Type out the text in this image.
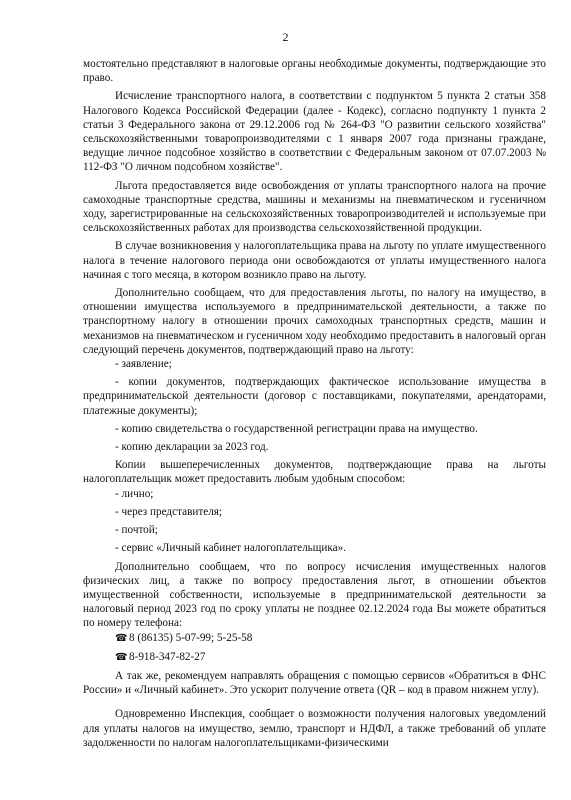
2

мостоятельно представляют в налоговые органы необходимые документы, подтверждающие это право.

Исчисление транспортного налога, в соответствии с подпунктом 5 пункта 2 статьи 358 Налогового Кодекса Российской Федерации (далее - Кодекс), согласно подпункту 1 пункта 2 статьи 3 Федерального закона от 29.12.2006 год № 264-ФЗ "О развитии сельского хозяйства" сельскохозяйственными товаропроизводителями с 1 января 2007 года признаны граждане, ведущие личное подсобное хозяйство в соответствии с Федеральным законом от 07.07.2003 № 112-ФЗ "О личном подсобном хозяйстве".

Льгота предоставляется виде освобождения от уплаты транспортного налога на прочие самоходные транспортные средства, машины и механизмы на пневматическом и гусеничном ходу, зарегистрированные на сельскохозяйственных товаропроизводителей и используемые при сельскохозяйственных работах для производства сельскохозяйственной продукции.

В случае возникновения у налогоплательщика права на льготу по уплате имущественного налога в течение налогового периода они освобождаются от уплаты имущественного налога начиная с того месяца, в котором возникло право на льготу.

Дополнительно сообщаем, что для предоставления льготы, по налогу на имущество, в отношении имущества используемого в предпринимательской деятельности, а также по транспортному налогу в отношении прочих самоходных транспортных средств, машин и механизмов на пневматическом и гусеничном ходу необходимо предоставить в налоговый орган следующий перечень документов, подтверждающий право на льготу:

- заявление;

- копии документов, подтверждающих фактическое использование имущества в предпринимательской деятельности (договор с поставщиками, покупателями, арендаторами, платежные документы);

- копию свидетельства о государственной регистрации права на имущество.

- копию декларации за 2023 год.

Копии вышеперечисленных документов, подтверждающие права на льготы налогоплательщик может предоставить любым удобным способом:

- лично;

- через представителя;

- почтой;

- сервис «Личный кабинет налогоплательщика».

Дополнительно сообщаем, что по вопросу исчисления имущественных налогов физических лиц, а также по вопросу предоставления льгот, в отношении объектов имущественной собственности, используемые в предпринимательской деятельности за налоговый период 2023 год по сроку уплаты не позднее 02.12.2024 года Вы можете обратиться по номеру телефона:

☎ 8 (86135) 5-07-99; 5-25-58

☎ 8-918-347-82-27

А так же, рекомендуем направлять обращения с помощью сервисов «Обратиться в ФНС России» и «Личный кабинет». Это ускорит получение ответа (QR – код в правом нижнем углу).

Одновременно Инспекция, сообщает о возможности получения налоговых уведомлений для уплаты налогов на имущество, землю, транспорт и НДФЛ, а также требований об уплате задолженности по налогам налогоплательщиками-физическими
